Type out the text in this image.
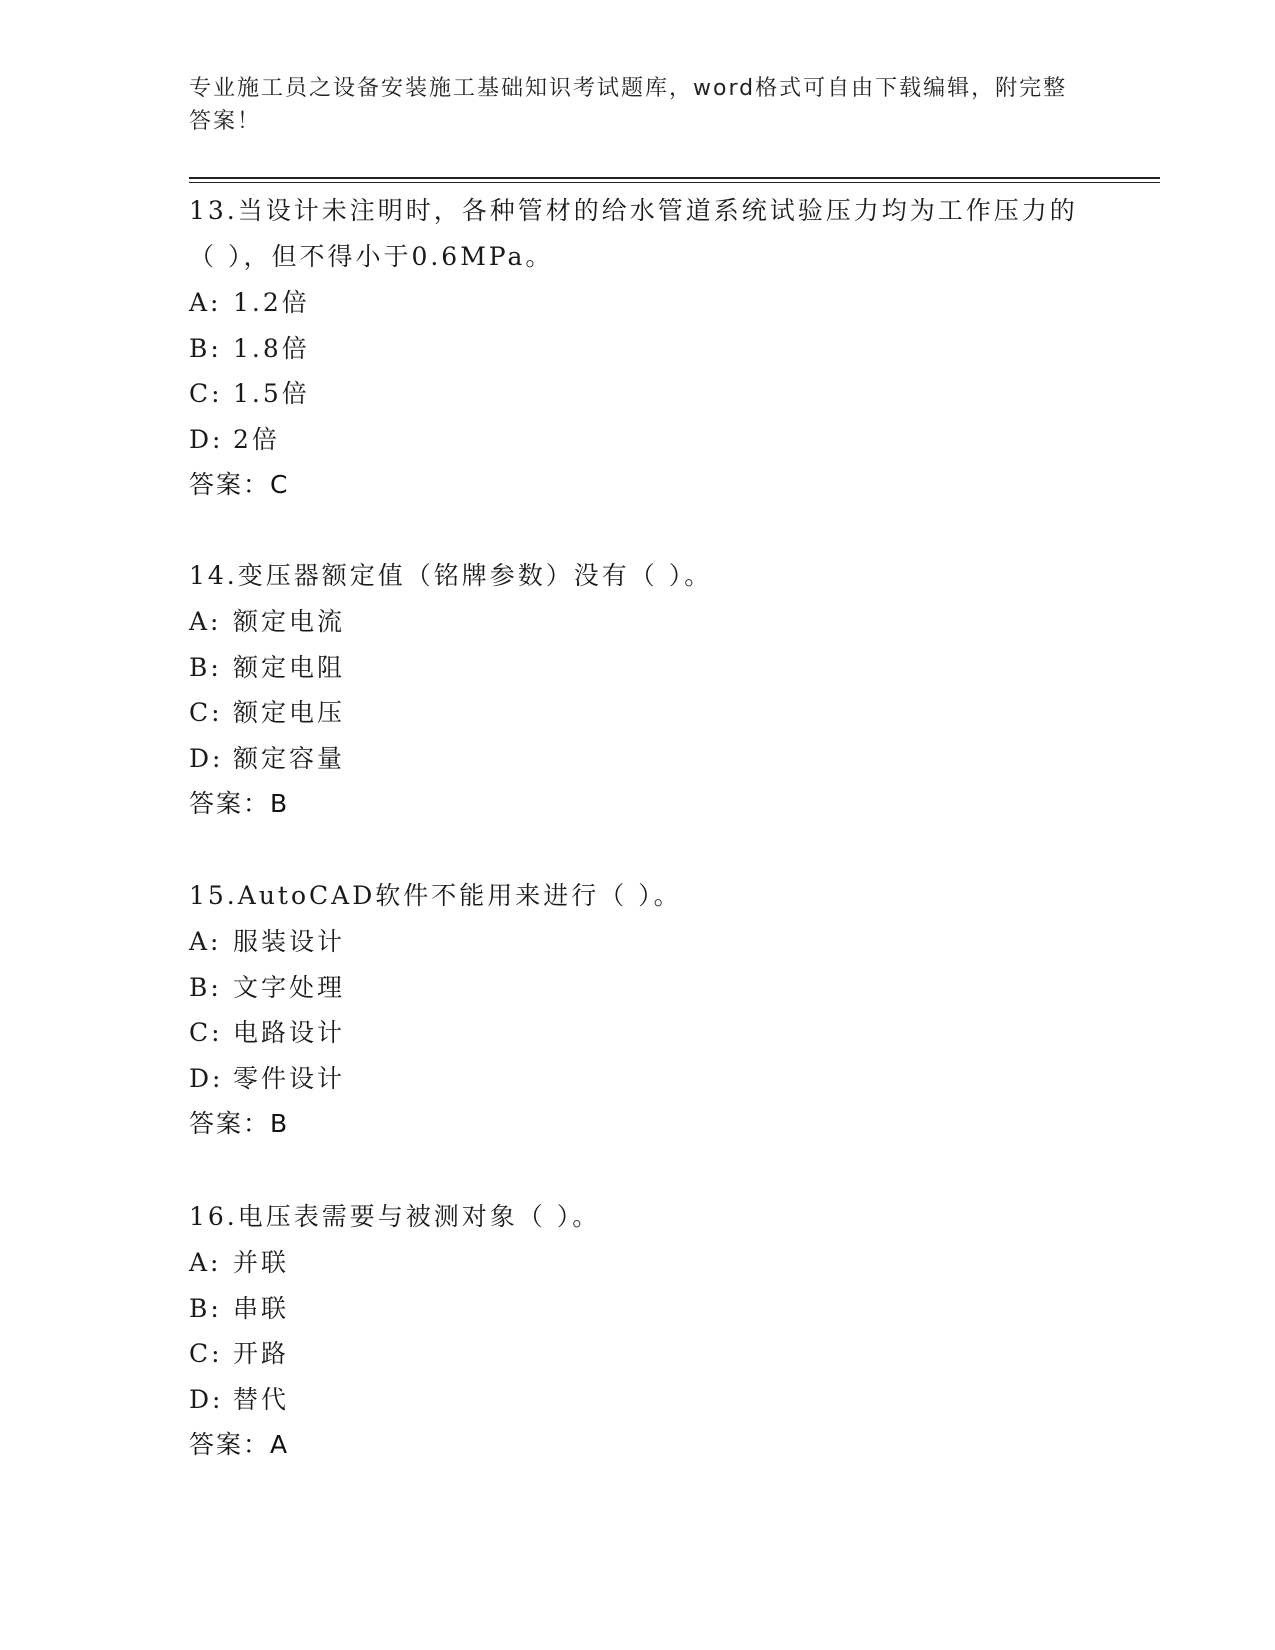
专业施工员之设备安装施工基础知识考试题库，word格式可自由下载编辑，附完整答案！

13.当设计未注明时，各种管材的给水管道系统试验压力均为工作压力的（ ），但不得小于0.6MPa。

A: 1.2倍
B: 1.8倍
C: 1.5倍
D: 2倍
答案：C

14.变压器额定值（铭牌参数）没有（ ）。

A: 额定电流
B: 额定电阻
C: 额定电压
D: 额定容量
答案：B

15.AutoCAD软件不能用来进行（ ）。

A: 服装设计
B: 文字处理
C: 电路设计
D: 零件设计
答案：B

16.电压表需要与被测对象（ ）。

A: 并联
B: 串联
C: 开路
D: 替代
答案：A
